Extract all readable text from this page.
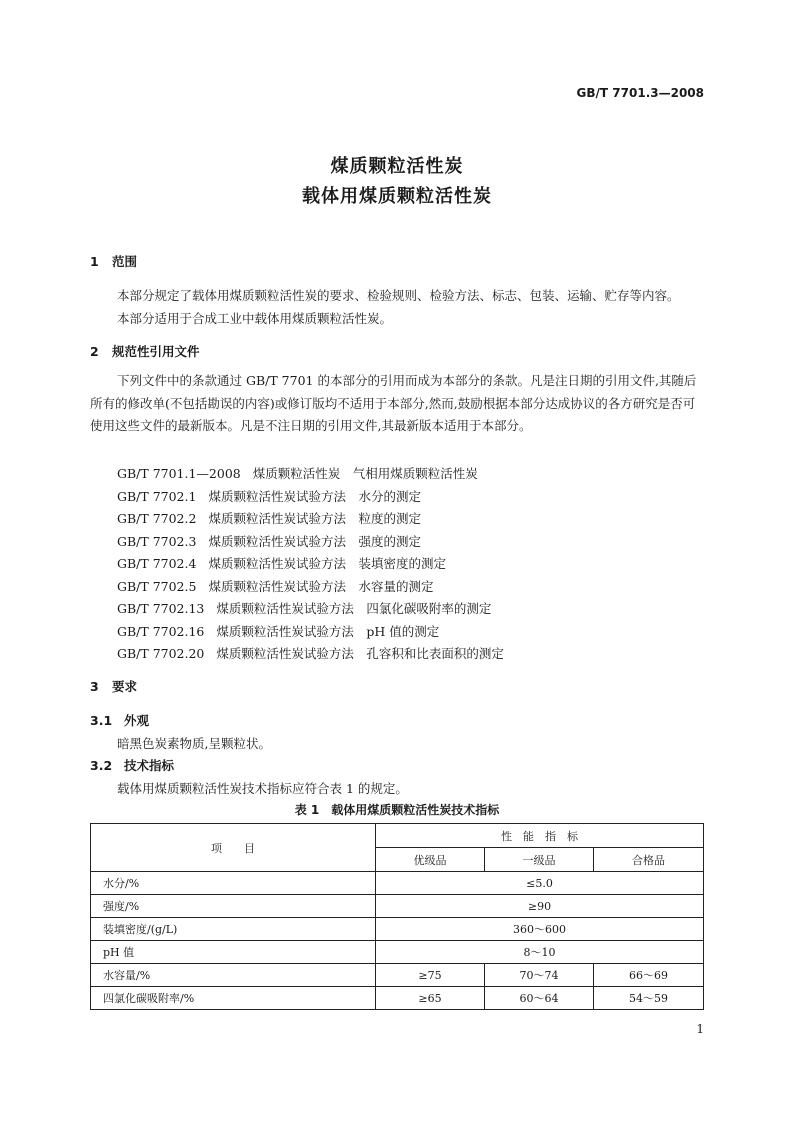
GB/T 7701.3—2008
煤质颗粒活性炭
载体用煤质颗粒活性炭
1 范围
本部分规定了载体用煤质颗粒活性炭的要求、检验规则、检验方法、标志、包装、运输、贮存等内容。
本部分适用于合成工业中载体用煤质颗粒活性炭。
2 规范性引用文件
下列文件中的条款通过 GB/T 7701 的本部分的引用而成为本部分的条款。凡是注日期的引用文件,其随后所有的修改单(不包括勘误的内容)或修订版均不适用于本部分,然而,鼓励根据本部分达成协议的各方研究是否可使用这些文件的最新版本。凡是不注日期的引用文件,其最新版本适用于本部分。
GB/T 7701.1—2008 煤质颗粒活性炭　气相用煤质颗粒活性炭
GB/T 7702.1 煤质颗粒活性炭试验方法　水分的测定
GB/T 7702.2 煤质颗粒活性炭试验方法　粒度的测定
GB/T 7702.3 煤质颗粒活性炭试验方法　强度的测定
GB/T 7702.4 煤质颗粒活性炭试验方法　装填密度的测定
GB/T 7702.5 煤质颗粒活性炭试验方法　水容量的测定
GB/T 7702.13 煤质颗粒活性炭试验方法　四氯化碳吸附率的测定
GB/T 7702.16 煤质颗粒活性炭试验方法　pH 值的测定
GB/T 7702.20 煤质颗粒活性炭试验方法　孔容积和比表面积的测定
3 要求
3.1 外观
暗黑色炭素物质,呈颗粒状。
3.2 技术指标
载体用煤质颗粒活性炭技术指标应符合表 1 的规定。
表 1　载体用煤质颗粒活性炭技术指标
项　　目	性　能　指　标		
	优级品	一级品	合格品
水分/%	≤5.0		
强度/%	≥90		
装填密度/(g/L)	360～600		
pH 值	8～10		
水容量/%	≥75	70～74	66～69
四氯化碳吸附率/%	≥65	60～64	54～59
1
